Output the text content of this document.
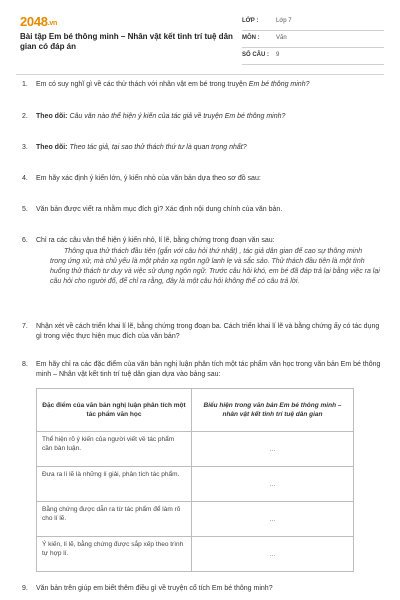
2048.vn
Bài tập Em bé thông minh – Nhân vật kết tinh trí tuệ dân gian có đáp án
LỚP :	Lớp 7
MÔN :	Văn
SỐ CÂU : 9
1. Em có suy nghĩ gì về các thử thách với nhân vật em bé trong truyện Em bé thông minh?
2. Theo dõi: Câu văn nào thể hiện ý kiến của tác giả về truyện Em bé thông minh?
3. Theo dõi: Theo tác giả, tại sao thử thách thứ tư là quan trọng nhất?
4. Em hãy xác định ý kiến lớn, ý kiến nhỏ của văn bản dựa theo sơ đồ sau:
5. Văn bản được viết ra nhằm mục đích gì? Xác định nội dung chính của văn bản.
6. Chỉ ra các câu văn thể hiện ý kiến nhỏ, lí lẽ, bằng chứng trong đoạn văn sau:
Thông qua thử thách đầu tiên (gắn với câu hỏi thứ nhất) , tác giả dân gian để cao sự thông minh trong ứng xử, mà chủ yếu là một phản xạ ngôn ngữ lanh lẹ và sắc sảo. Thử thách đầu tiên là một tình huống thử thách tư duy và việc sử dụng ngôn ngữ. Trước câu hỏi khó, em bé đã đáp trả lại bằng việc ra lại câu hỏi cho người đố, để chỉ ra rằng, đây là một câu hỏi không thể có câu trả lời.
7. Nhận xét về cách triển khai lí lẽ, bằng chứng trong đoạn ba. Cách triển khai lí lẽ và bằng chứng ấy có tác dụng gì trong việc thực hiện mục đích của văn bản?
8. Em hãy chỉ ra các đặc điểm của văn bản nghị luận phân tích một tác phẩm văn học trong văn bản Em bé thông minh – Nhân vật kết tinh trí tuệ dân gian dựa vào bảng sau:
Đặc điểm của văn bản nghị luận phân tích một tác phẩm văn học	Biểu hiện trong văn bản Em bé thông minh – nhân vật kết tinh trí tuệ dân gian
Thể hiện rõ ý kiến của người viết về tác phẩm cần bàn luận.	...
Đưa ra lí lẽ là những lí giải, phân tích tác phẩm.	...
Bằng chứng được dẫn ra từ tác phẩm để làm rõ cho lí lẽ.	...
Ý kiến, lí lẽ, bằng chứng được sắp xếp theo trình tự hợp lí.	...
9. Văn bản trên giúp em biết thêm điều gì về truyện cổ tích Em bé thông minh?
